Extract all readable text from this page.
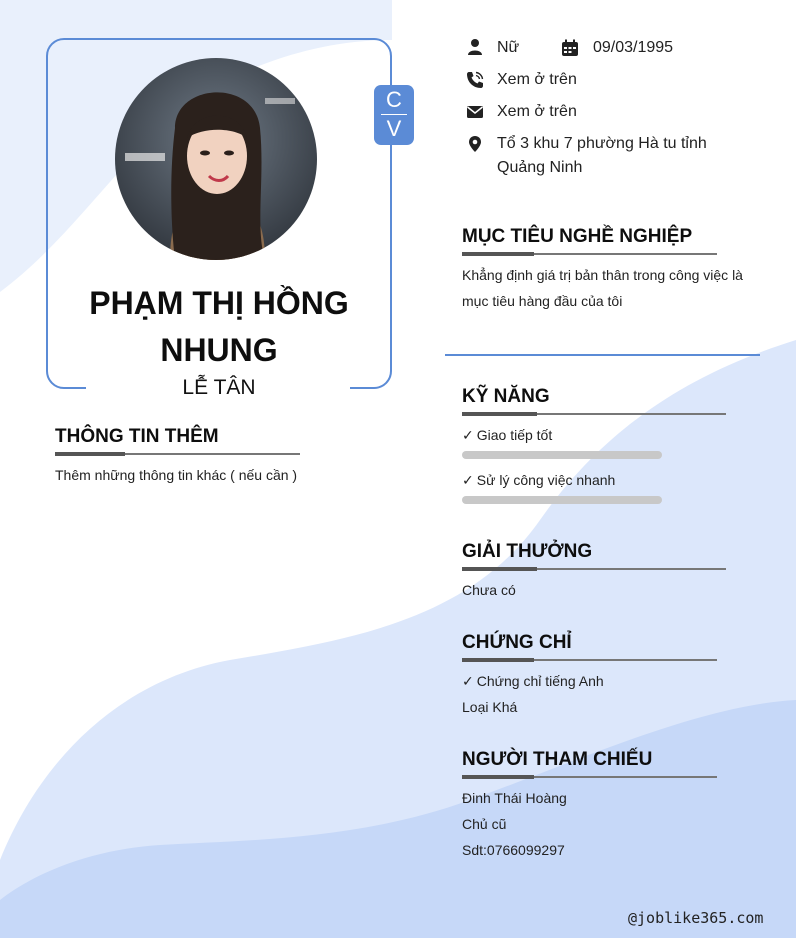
C
V
PHẠM THỊ HỒNG NHUNG
LỄ TÂN
THÔNG TIN THÊM
Thêm những thông tin khác ( nếu cần )
Nữ	09/03/1995
Xem ở trên
Xem ở trên
Tổ 3 khu 7 phường Hà tu tỉnh Quảng Ninh
MỤC TIÊU NGHỀ NGHIỆP
Khẳng định giá trị bản thân trong công việc là
mục tiêu hàng đầu của tôi
KỸ NĂNG
✓ Giao tiếp tốt
✓ Sử lý công việc nhanh
GIẢI THƯỞNG
Chưa có
CHỨNG CHỈ
✓ Chứng chỉ tiếng Anh
Loại Khá
NGƯỜI THAM CHIẾU
Đinh Thái Hoàng
Chủ cũ
Sdt:0766099297
@joblike365.com
